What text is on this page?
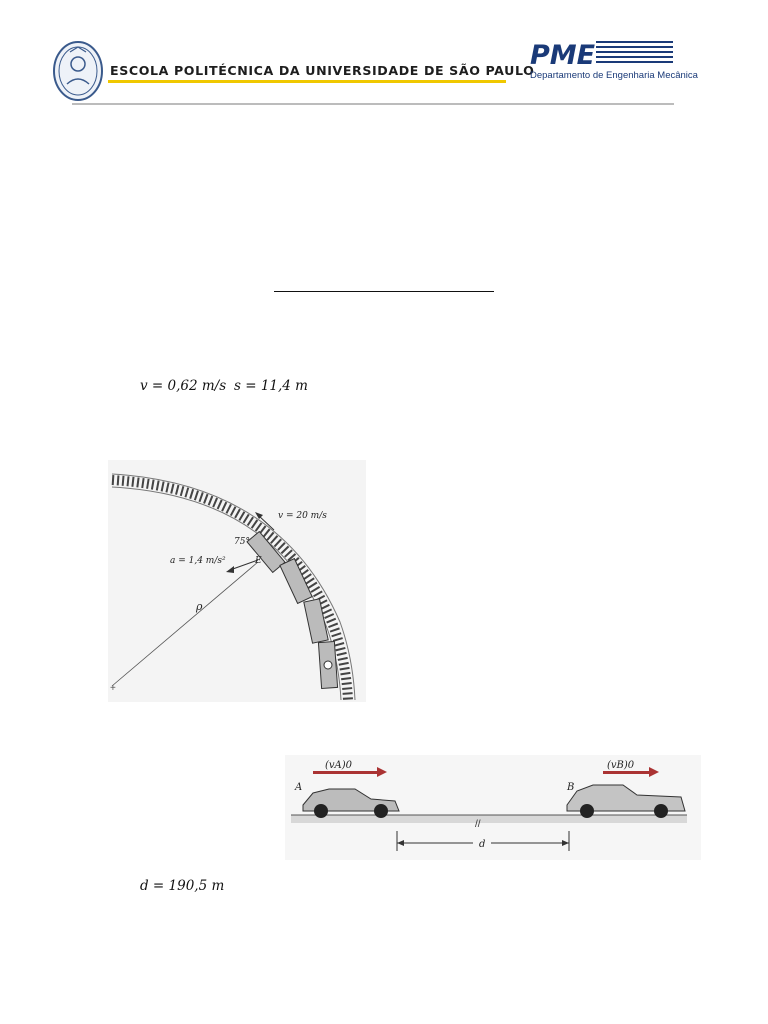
ESCOLA POLITÉCNICA DA UNIVERSIDADE DE SÃO PAULO
PME
Departamento de Engenharia Mecânica
v = 0,62 m/s s = 11,4 m
+
ρ
v = 20 m/s
75°
a = 1,4 m/s²	E
(vA)0	(vB)0
A	B
//
d
d = 190,5 m
